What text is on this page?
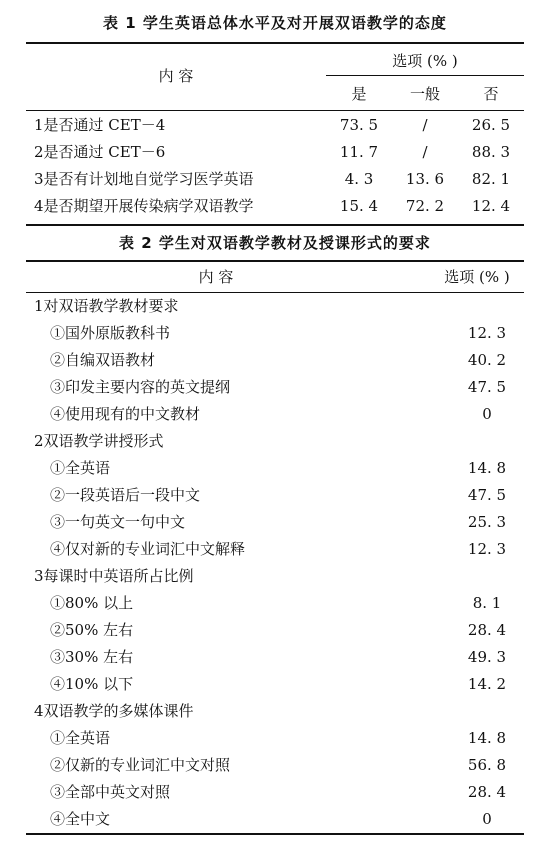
表 1 学生英语总体水平及对开展双语教学的态度
内 容
选项 (% )
是	一般	否
1是否通过 CET－4	73. 5	/	26. 5
2是否通过 CET－6	11. 7	/	88. 3
3是否有计划地自觉学习医学英语	4. 3	13. 6	82. 1
4是否期望开展传染病学双语教学	15. 4	72. 2	12. 4
表 2 学生对双语教学教材及授课形式的要求
内 容	选项 (% )
1对双语教学教材要求
①国外原版教科书	12. 3
②自编双语教材	40. 2
③印发主要内容的英文提纲	47. 5
④使用现有的中文教材	0
2双语教学讲授形式
①全英语	14. 8
②一段英语后一段中文	47. 5
③一句英文一句中文	25. 3
④仅对新的专业词汇中文解释	12. 3
3每课时中英语所占比例
①80% 以上	8. 1
②50% 左右	28. 4
③30% 左右	49. 3
④10% 以下	14. 2
4双语教学的多媒体课件
①全英语	14. 8
②仅新的专业词汇中文对照	56. 8
③全部中英文对照	28. 4
④全中文	0
